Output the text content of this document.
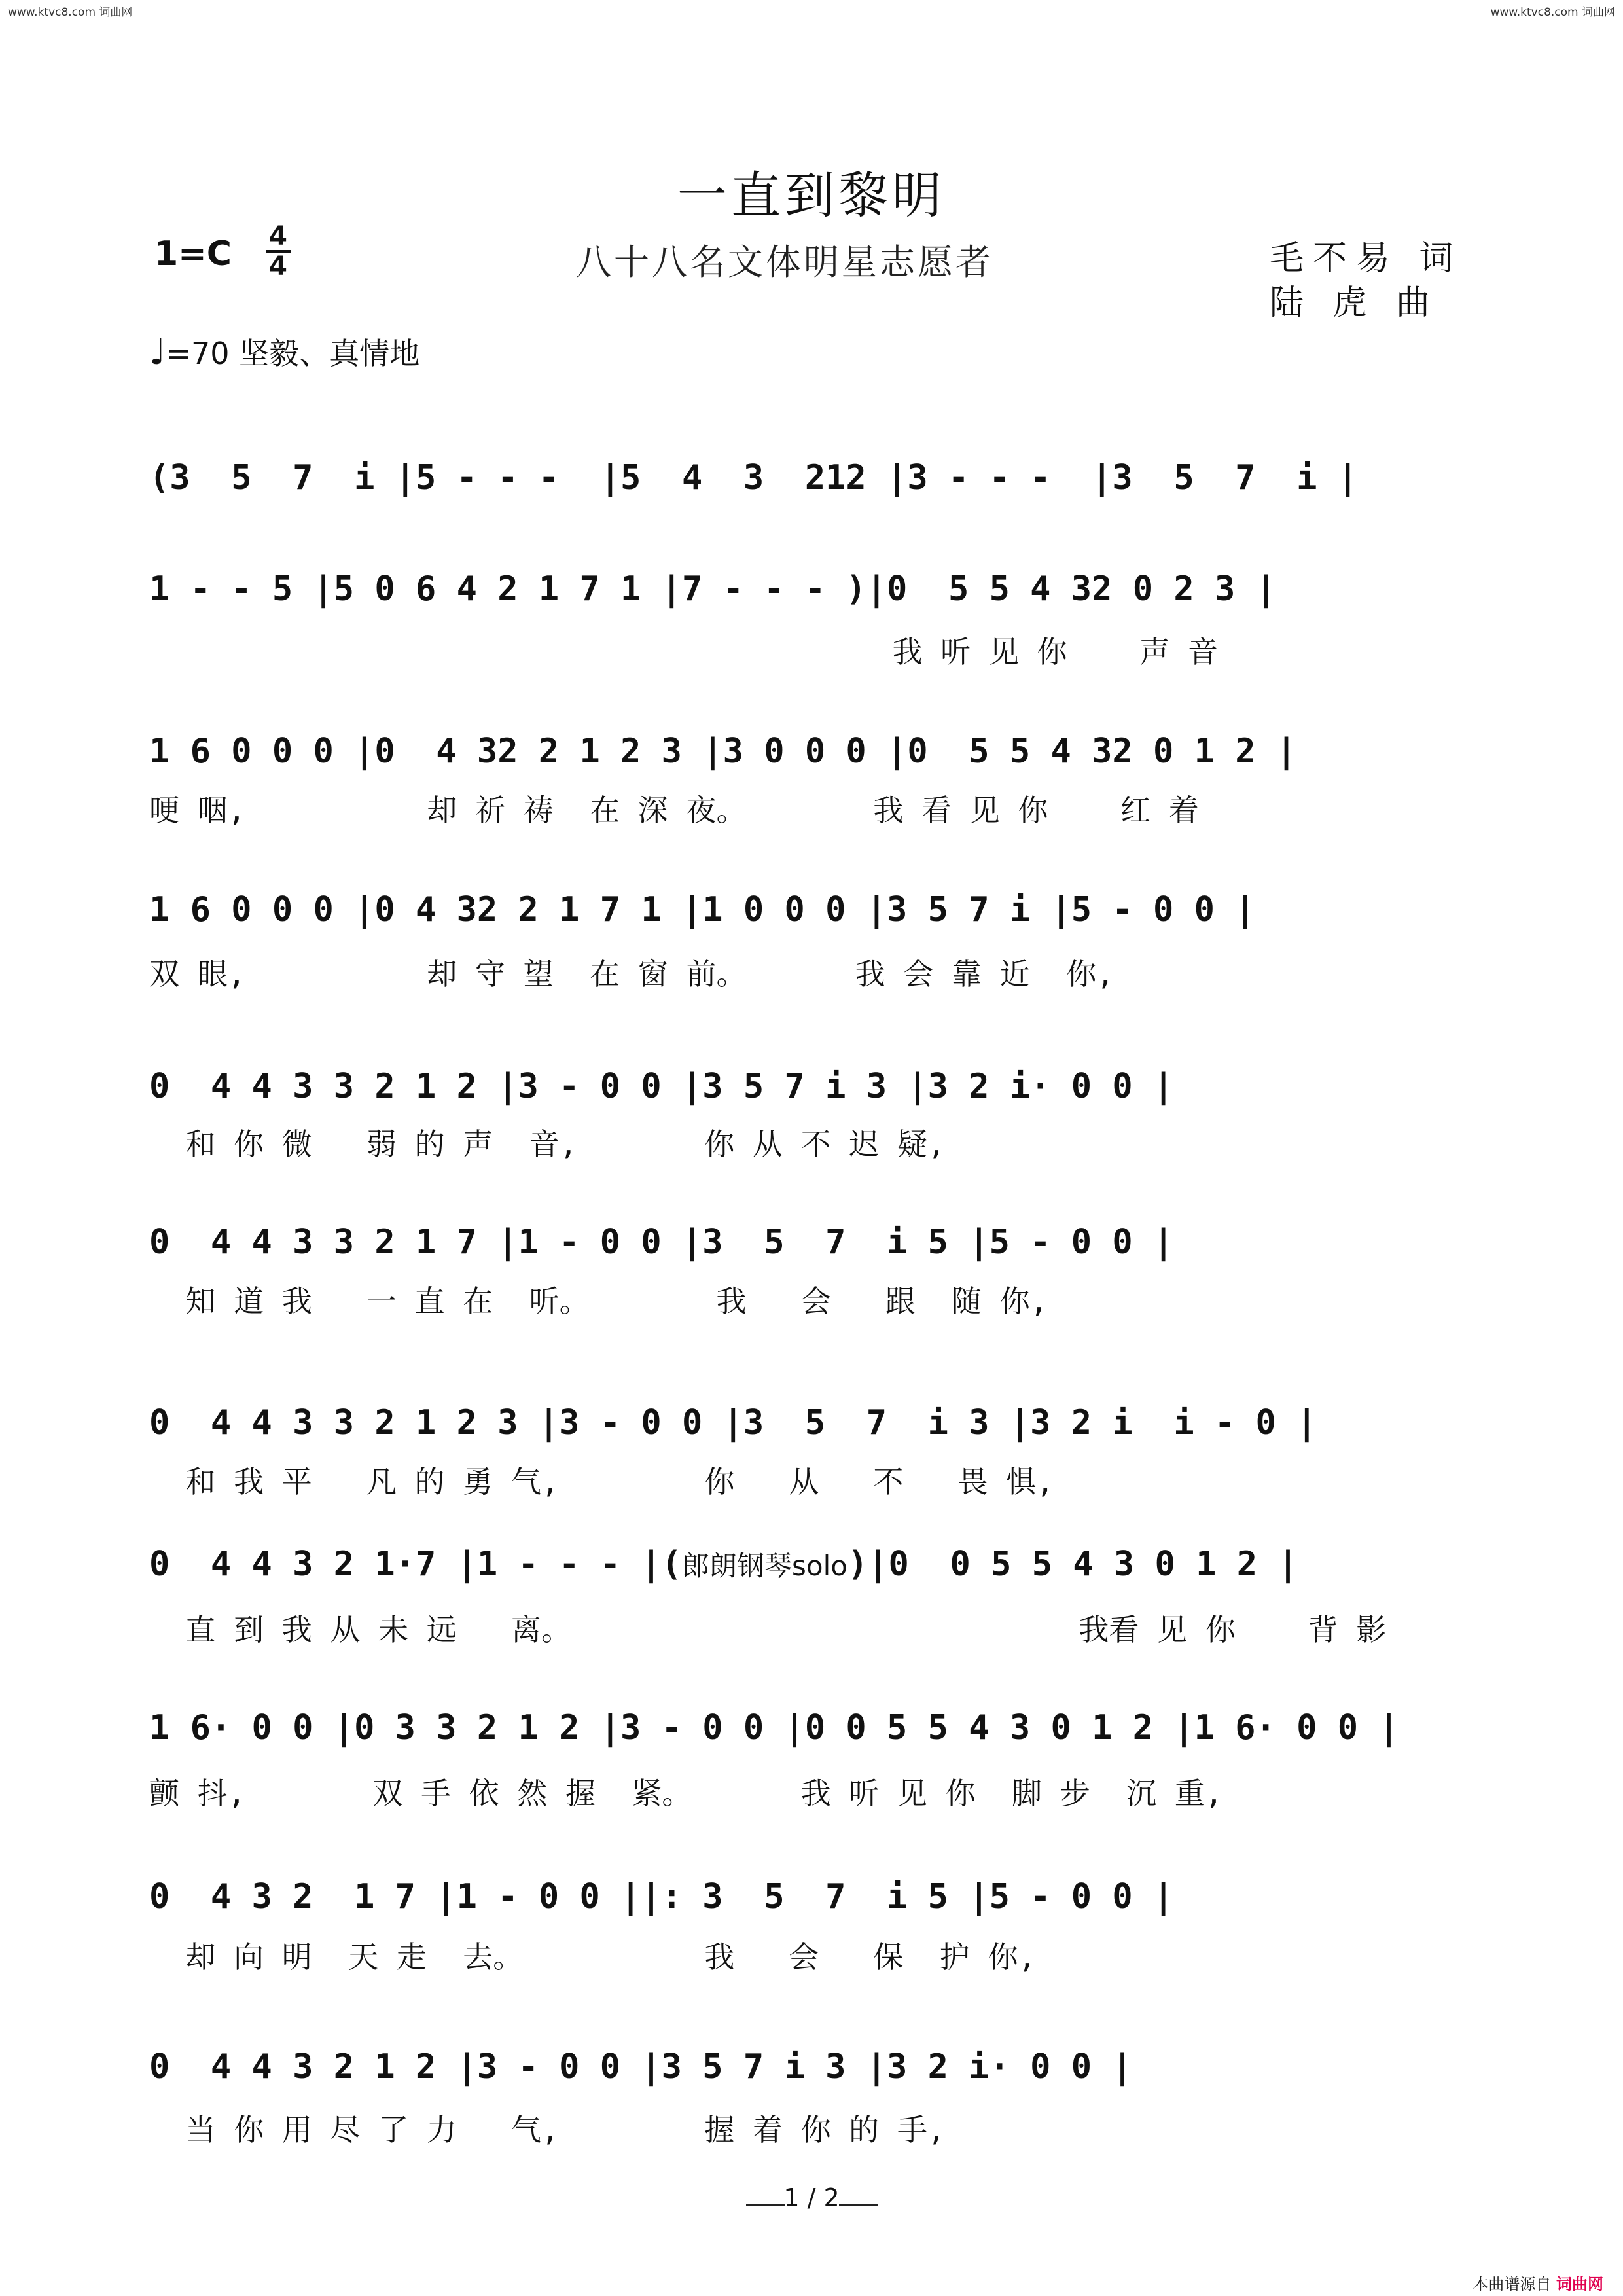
www.ktvc8.com 词曲网	www.ktvc8.com 词曲网
一直到黎明
1=C 4
4	八十八名文体明星志愿者	毛不易 词
陆 虎 曲
♩=70 坚毅、真情地
(3  5  7  i |5 - - -  |5  4  3  212 |3 - - -  |3  5  7  i |
1 - - 5 |5 0 6 4 2 1 7 1 |7 - - - )|0  5 5 4 32 0 2 3 |
我 听 见 你    声 音
1 6 0 0 0 |0  4 32 2 1 2 3 |3 0 0 0 |0  5 5 4 32 0 1 2 |
哽 咽,          却 祈 祷  在 深 夜。       我 看 见 你    红 着
1 6 0 0 0 |0 4 32 2 1 7 1 |1 0 0 0 |3 5 7 i |5 - 0 0 |
双 眼,          却 守 望  在 窗 前。      我 会 靠 近  你,
0  4 4 3 3 2 1 2 |3 - 0 0 |3 5 7 i 3 |3 2 i· 0 0 |
和 你 微   弱 的 声  音,       你 从 不 迟 疑,
0  4 4 3 3 2 1 7 |1 - 0 0 |3  5  7  i 5 |5 - 0 0 |
知 道 我   一 直 在  听。       我   会   跟  随 你,
0  4 4 3 3 2 1 2 3 |3 - 0 0 |3  5  7  i 3 |3 2 i  i - 0 |
和 我 平   凡 的 勇 气,        你   从   不   畏 惧,
0  4 4 3 2 1·7 |1 - - - |(郎朗钢琴solo)|0  0 5 5 4 3 0 1 2 |
直 到 我 从 未 远   离。                            我看 见 你    背 影
1 6· 0 0 |0 3 3 2 1 2 |3 - 0 0 |0 0 5 5 4 3 0 1 2 |1 6· 0 0 |
颤 抖,       双 手 依 然 握  紧。      我 听 见 你  脚 步  沉 重,
0  4 3 2  1 7 |1 - 0 0 ||: 3  5  7  i 5 |5 - 0 0 |
却 向 明  天 走  去。          我   会   保  护 你,
0  4 4 3 2 1 2 |3 - 0 0 |3 5 7 i 3 |3 2 i· 0 0 |
当 你 用 尽 了 力   气,        握 着 你 的 手,
1 / 2
本曲谱源自 词曲网
